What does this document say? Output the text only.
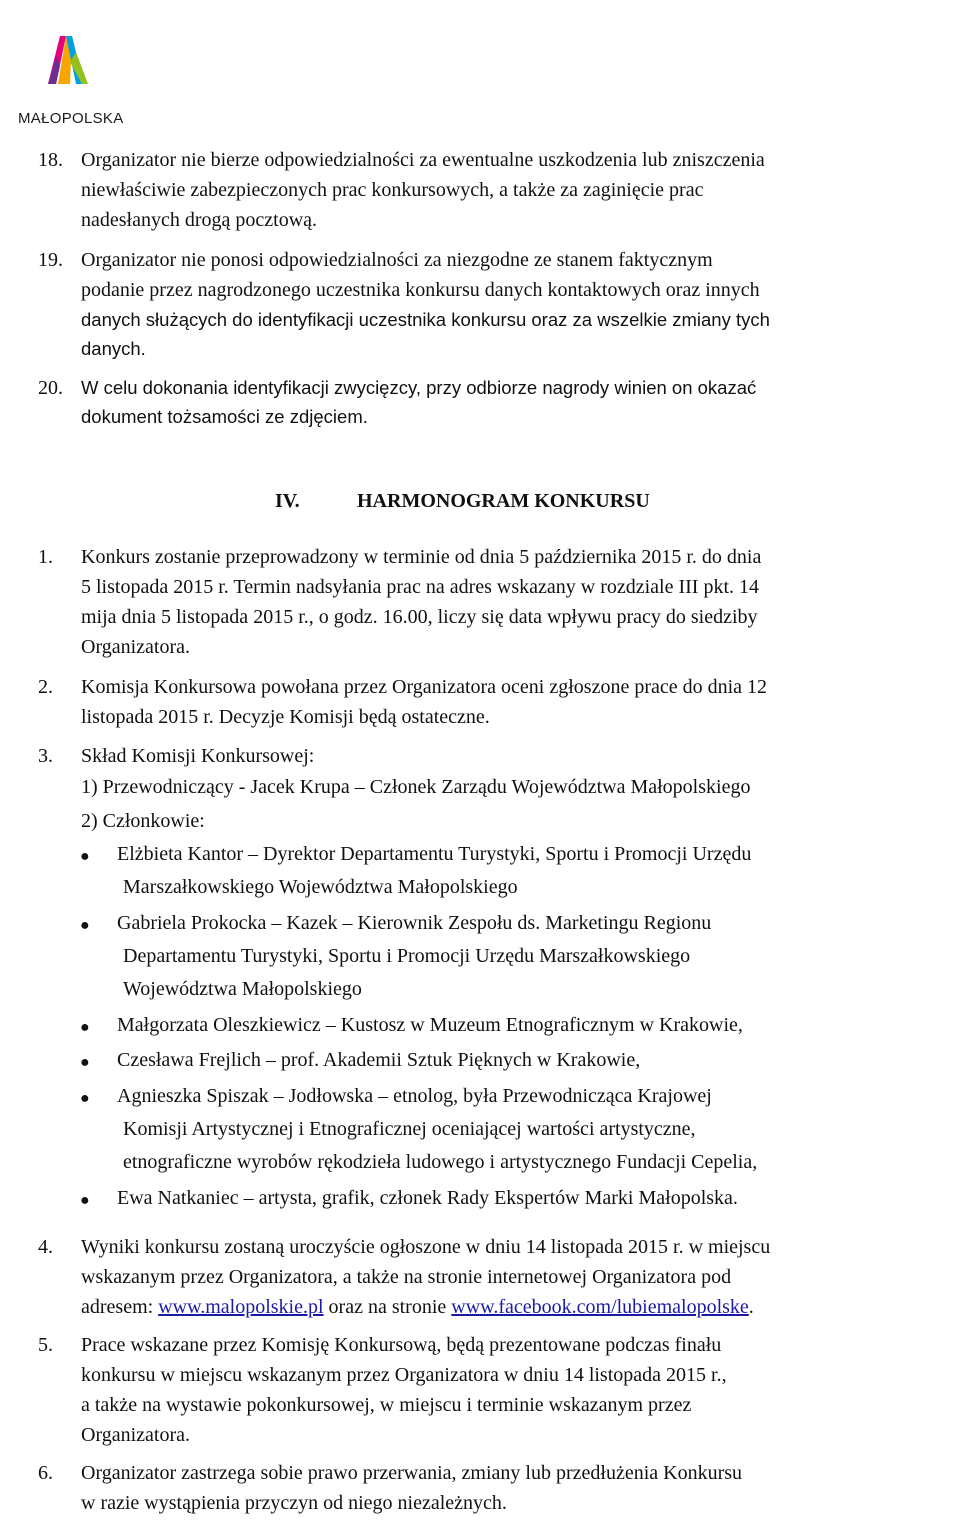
MAŁOPOLSKA
18. Organizator nie bierze odpowiedzialności za ewentualne uszkodzenia lub zniszczenia
niewłaściwie zabezpieczonych prac konkursowych, a także za zaginięcie prac
nadesłanych drogą pocztową.
19. Organizator nie ponosi odpowiedzialności za niezgodne ze stanem faktycznym
podanie przez nagrodzonego uczestnika konkursu danych kontaktowych oraz innych
danych służących do identyfikacji uczestnika konkursu oraz za wszelkie zmiany tych
danych.
20. W celu dokonania identyfikacji zwycięzcy, przy odbiorze nagrody winien on okazać
dokument tożsamości ze zdjęciem.
IV.	HARMONOGRAM KONKURSU
1. Konkurs zostanie przeprowadzony w terminie od dnia 5 października 2015 r. do dnia
5 listopada 2015 r. Termin nadsyłania prac na adres wskazany w rozdziale III pkt. 14
mija dnia 5 listopada 2015 r., o godz. 16.00, liczy się data wpływu pracy do siedziby
Organizatora.
2. Komisja Konkursowa powołana przez Organizatora oceni zgłoszone prace do dnia 12
listopada 2015 r. Decyzje Komisji będą ostateczne.
3. Skład Komisji Konkursowej:
1) Przewodniczący - Jacek Krupa – Członek Zarządu Województwa Małopolskiego
2) Członkowie:
● Elżbieta Kantor – Dyrektor Departamentu Turystyki, Sportu i Promocji Urzędu
Marszałkowskiego Województwa Małopolskiego
● Gabriela Prokocka – Kazek – Kierownik Zespołu ds. Marketingu Regionu
Departamentu Turystyki, Sportu i Promocji Urzędu Marszałkowskiego
Województwa Małopolskiego
● Małgorzata Oleszkiewicz – Kustosz w Muzeum Etnograficznym w Krakowie,
● Czesława Frejlich – prof. Akademii Sztuk Pięknych w Krakowie,
● Agnieszka Spiszak – Jodłowska – etnolog, była Przewodnicząca Krajowej
Komisji Artystycznej i Etnograficznej oceniającej wartości artystyczne,
etnograficzne wyrobów rękodzieła ludowego i artystycznego Fundacji Cepelia,
● Ewa Natkaniec – artysta, grafik, członek Rady Ekspertów Marki Małopolska.
4. Wyniki konkursu zostaną uroczyście ogłoszone w dniu 14 listopada 2015 r. w miejscu
wskazanym przez Organizatora, a także na stronie internetowej Organizatora pod
adresem: www.malopolskie.pl oraz na stronie www.facebook.com/lubiemalopolske.
5. Prace wskazane przez Komisję Konkursową, będą prezentowane podczas finału
konkursu w miejscu wskazanym przez Organizatora w dniu 14 listopada 2015 r.,
a także na wystawie pokonkursowej, w miejscu i terminie wskazanym przez
Organizatora.
6. Organizator zastrzega sobie prawo przerwania, zmiany lub przedłużenia Konkursu
w razie wystąpienia przyczyn od niego niezależnych.
